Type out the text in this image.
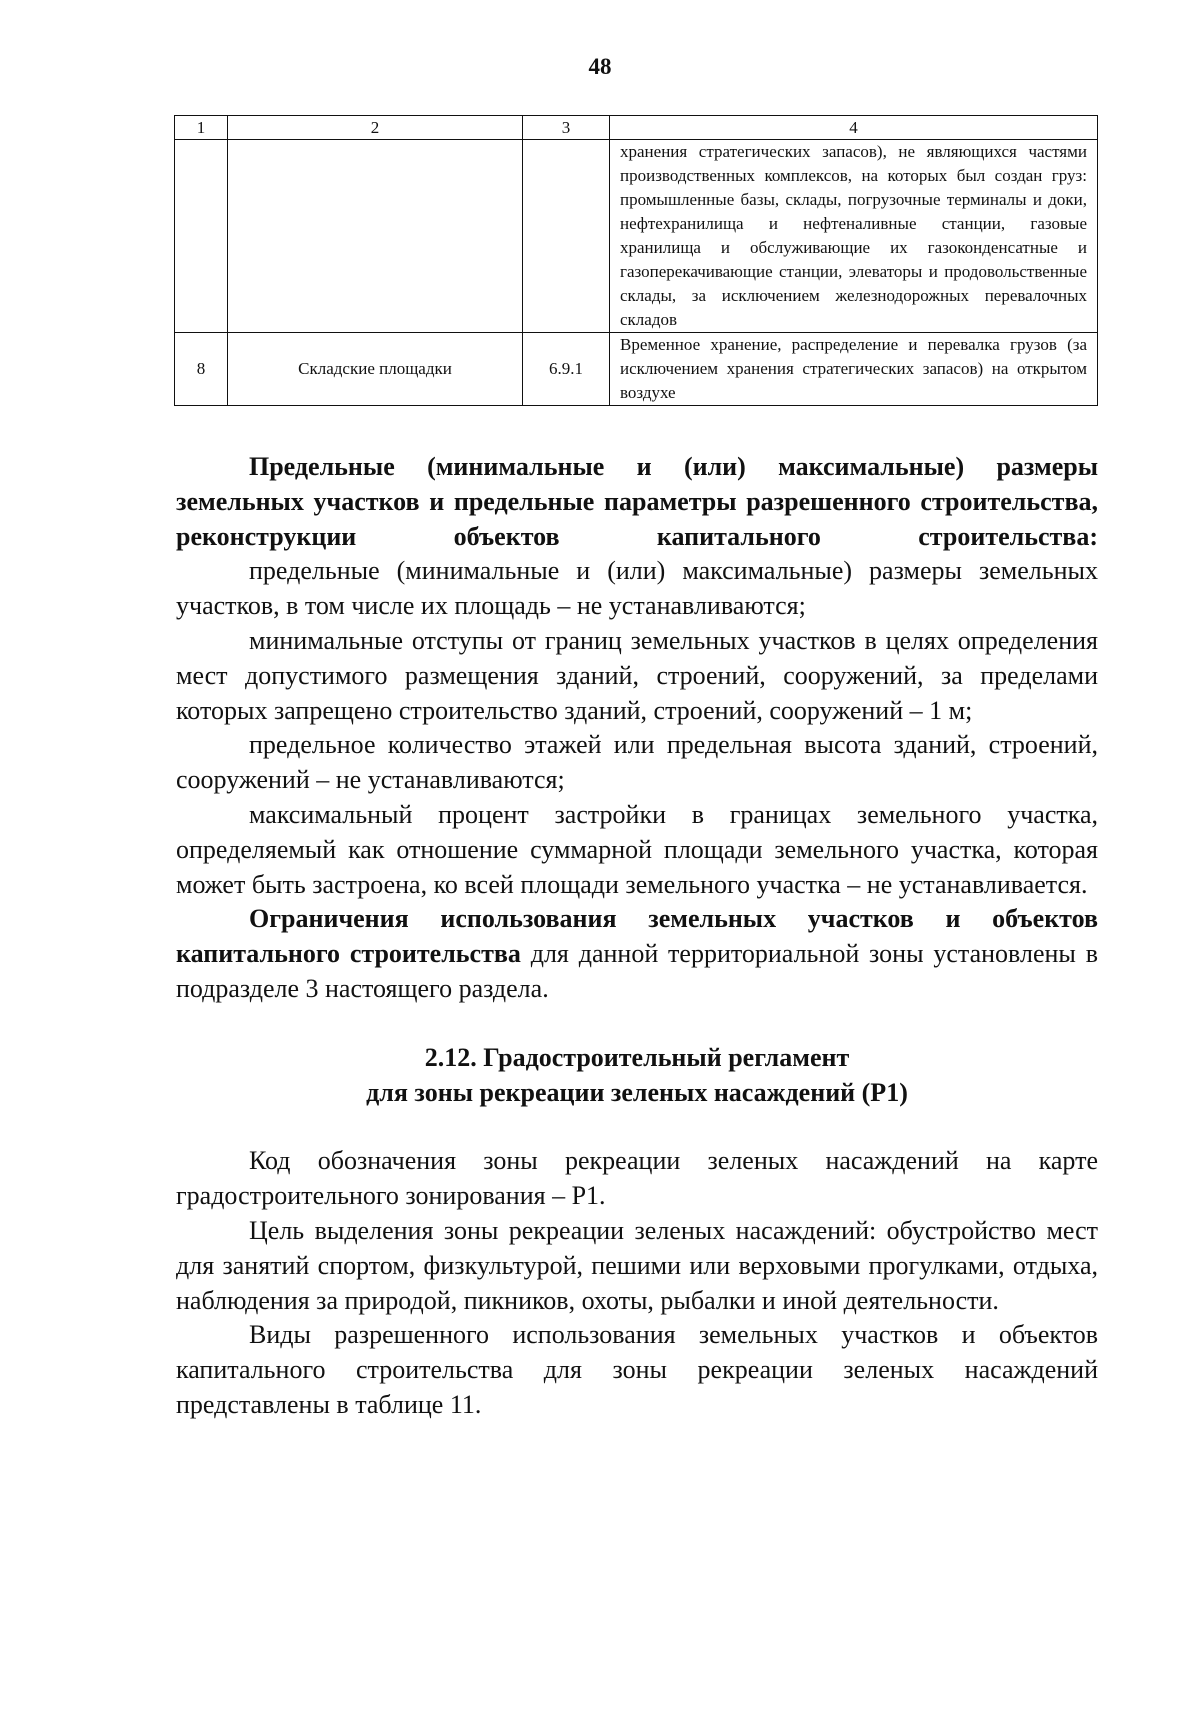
48
1	2	3	4
			хранения стратегических запасов), не являющихся частями производственных комплексов, на которых был создан груз: промышленные базы, склады, погрузочные терминалы и доки, нефтехранилища и нефтеналивные станции, газовые хранилища и обслуживающие их газоконденсатные и газоперекачивающие станции, элеваторы и продовольственные склады, за исключением железнодорожных перевалочных складов
8	Складские площадки	6.9.1	Временное хранение, распределение и перевалка грузов (за исключением хранения стратегических запасов) на открытом воздухе

Предельные (минимальные и (или) максимальные) размеры земельных участков и предельные параметры разрешенного строительства, реконструкции объектов капитального строительства:

предельные (минимальные и (или) максимальные) размеры земельных участков, в том числе их площадь – не устанавливаются;

минимальные отступы от границ земельных участков в целях определения мест допустимого размещения зданий, строений, сооружений, за пределами которых запрещено строительство зданий, строений, сооружений – 1 м;

предельное количество этажей или предельная высота зданий, строений, сооружений – не устанавливаются;

максимальный процент застройки в границах земельного участка, определяемый как отношение суммарной площади земельного участка, которая может быть застроена, ко всей площади земельного участка – не устанавливается.

Ограничения использования земельных участков и объектов капитального строительства для данной территориальной зоны установлены в подразделе 3 настоящего раздела.

2.12. Градостроительный регламент

для зоны рекреации зеленых насаждений (Р1)

Код обозначения зоны рекреации зеленых насаждений на карте градостроительного зонирования – Р1.

Цель выделения зоны рекреации зеленых насаждений: обустройство мест для занятий спортом, физкультурой, пешими или верховыми прогулками, отдыха, наблюдения за природой, пикников, охоты, рыбалки и иной деятельности.

Виды разрешенного использования земельных участков и объектов капитального строительства для зоны рекреации зеленых насаждений представлены в таблице 11.
